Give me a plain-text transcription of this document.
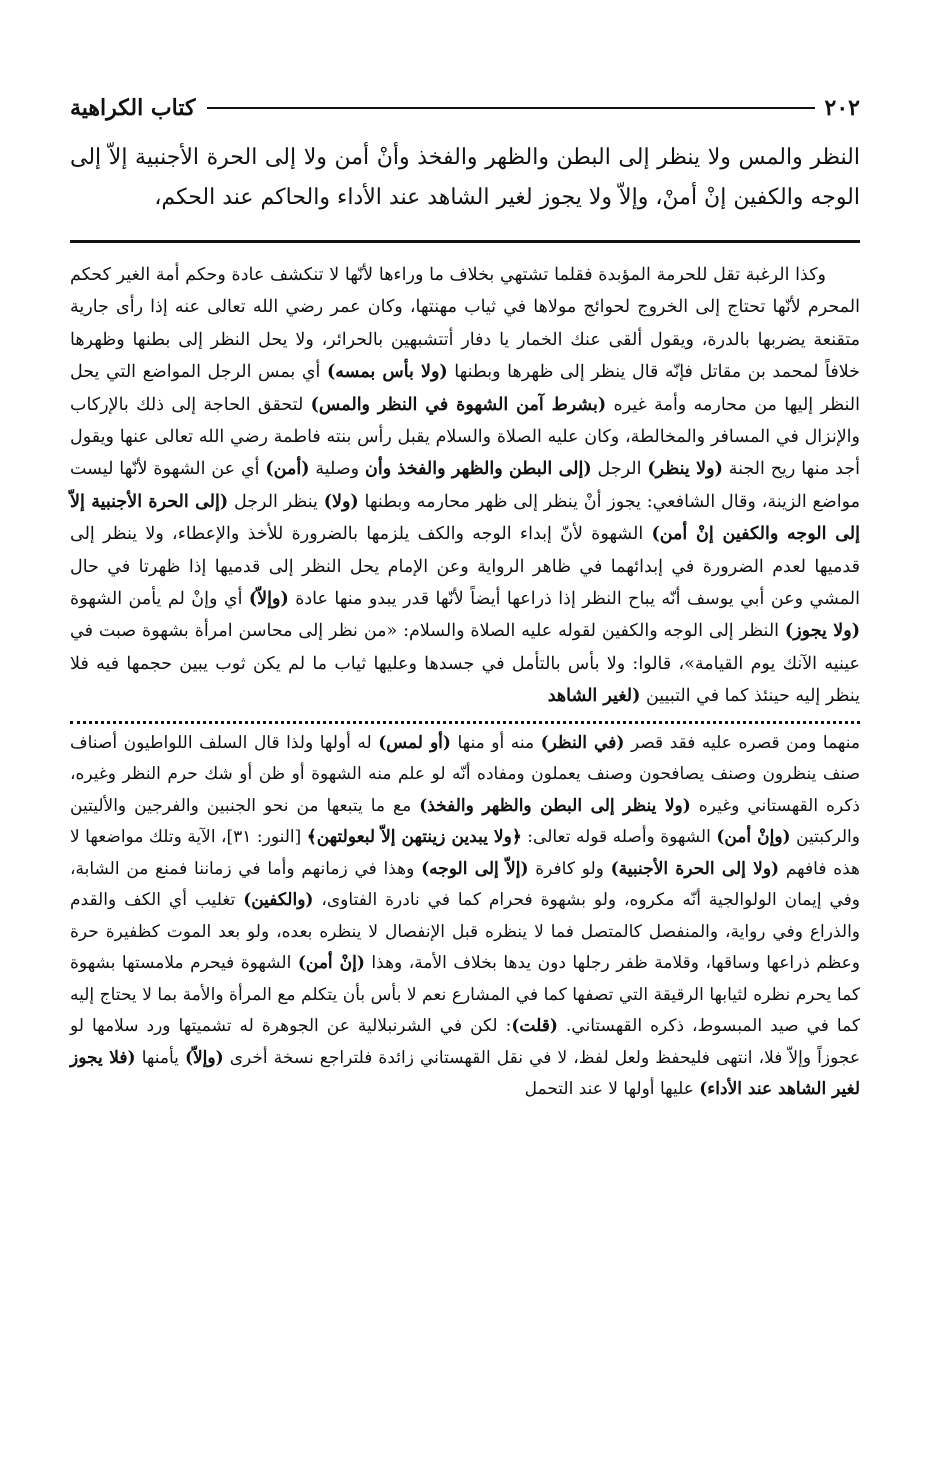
٢٠٢
كتاب الكراهية

النظر والمس ولا ينظر إلى البطن والظهر والفخذ وأنْ أمن ولا إلى الحرة الأجنبية إلاّ إلى الوجه والكفين إنْ أمنْ، وإلاّ ولا يجوز لغير الشاهد عند الأداء والحاكم عند الحكم،

وكذا الرغبة تقل للحرمة المؤبدة فقلما تشتهي بخلاف ما وراءها لأنّها لا تنكشف عادة وحكم أمة الغير كحكم المحرم لأنّها تحتاج إلى الخروج لحوائج مولاها في ثياب مهنتها، وكان عمر رضي الله تعالى عنه إذا رأى جارية متقنعة يضربها بالدرة، ويقول ألقى عنك الخمار يا دفار أتتشبهين بالحرائر، ولا يحل النظر إلى بطنها وظهرها خلافاً لمحمد بن مقاتل فإنّه قال ينظر إلى ظهرها وبطنها (ولا بأس بمسه) أي بمس الرجل المواضع التي يحل النظر إليها من محارمه وأمة غيره (بشرط آمن الشهوة في النظر والمس) لتحقق الحاجة إلى ذلك بالإركاب والإنزال في المسافر والمخالطة، وكان عليه الصلاة والسلام يقبل رأس بنته فاطمة رضي الله تعالى عنها ويقول أجد منها ريح الجنة (ولا ينظر) الرجل (إلى البطن والظهر والفخذ وأن وصلية (أمن) أي عن الشهوة لأنّها ليست مواضع الزينة، وقال الشافعي: يجوز أنْ ينظر إلى ظهر محارمه وبطنها (ولا) ينظر الرجل (إلى الحرة الأجنبية إلاّ إلى الوجه والكفين إنْ أمن) الشهوة لأنّ إبداء الوجه والكف يلزمها بالضرورة للأخذ والإعطاء، ولا ينظر إلى قدميها لعدم الضرورة في إبدائهما في ظاهر الرواية وعن الإمام يحل النظر إلى قدميها إذا ظهرتا في حال المشي وعن أبي يوسف أنّه يباح النظر إذا ذراعها أيضاً لأنّها قدر يبدو منها عادة (وإلاّ) أي وإنْ لم يأمن الشهوة (ولا يجوز) النظر إلى الوجه والكفين لقوله عليه الصلاة والسلام: «من نظر إلى محاسن امرأة بشهوة صبت في عينيه الآنك يوم القيامة»، قالوا: ولا بأس بالتأمل في جسدها وعليها ثياب ما لم يكن ثوب يبين حجمها فيه فلا ينظر إليه حينئذ كما في التبيين (لغير الشاهد

منهما ومن قصره عليه فقد قصر (في النظر) منه أو منها (أو لمس) له أولها ولذا قال السلف اللواطيون أصناف صنف ينظرون وصنف يصافحون وصنف يعملون ومفاده أنّه لو علم منه الشهوة أو ظن أو شك حرم النظر وغيره، ذكره القهستاني وغيره (ولا ينظر إلى البطن والظهر والفخذ) مع ما يتبعها من نحو الجنبين والفرجين والأليتين والركبتين (وإنْ أمن) الشهوة وأصله قوله تعالى: ﴿ولا يبدين زينتهن إلاّ لبعولتهن﴾ [النور: ٣١]، الآية وتلك مواضعها لا هذه فافهم (ولا إلى الحرة الأجنبية) ولو كافرة (إلاّ إلى الوجه) وهذا في زمانهم وأما في زماننا فمنع من الشابة، وفي إيمان الولوالجية أنّه مكروه، ولو بشهوة فحرام كما في نادرة الفتاوى، (والكفين) تغليب أي الكف والقدم والذراع وفي رواية، والمنفصل كالمتصل فما لا ينظره قبل الإنفصال لا ينظره بعده، ولو بعد الموت كظفيرة حرة وعظم ذراعها وساقها، وقلامة ظفر رجلها دون يدها بخلاف الأمة، وهذا (إنْ أمن) الشهوة فيحرم ملامستها بشهوة كما يحرم نظره لثيابها الرقيقة التي تصفها كما في المشارع نعم لا بأس بأن يتكلم مع المرأة والأمة بما لا يحتاج إليه كما في صيد المبسوط، ذكره القهستاني. (قلت): لكن في الشرنبلالية عن الجوهرة له تشميتها ورد سلامها لو عجوزاً وإلاّ فلا، انتهى فليحفظ ولعل لفظ، لا في نقل القهستاني زائدة فلتراجع نسخة أخرى (وإلاّ) يأمنها (فلا يجوز لغير الشاهد عند الأداء) عليها أولها لا عند التحمل
